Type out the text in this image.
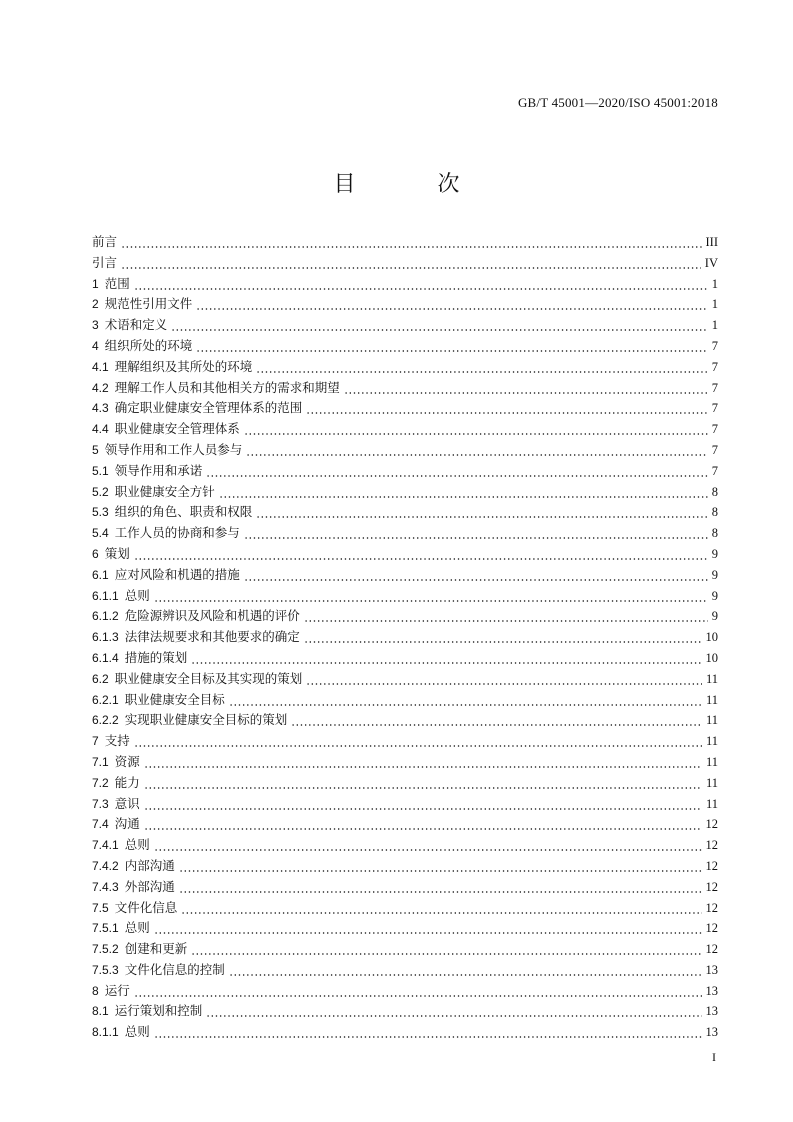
GB/T 45001—2020/ISO 45001:2018
目　次
前言	III
引言	IV
1 范围	1
2 规范性引用文件	1
3 术语和定义	1
4 组织所处的环境	7
4.1 理解组织及其所处的环境	7
4.2 理解工作人员和其他相关方的需求和期望	7
4.3 确定职业健康安全管理体系的范围	7
4.4 职业健康安全管理体系	7
5 领导作用和工作人员参与	7
5.1 领导作用和承诺	7
5.2 职业健康安全方针	8
5.3 组织的角色、职责和权限	8
5.4 工作人员的协商和参与	8
6 策划	9
6.1 应对风险和机遇的措施	9
6.1.1 总则	9
6.1.2 危险源辨识及风险和机遇的评价	9
6.1.3 法律法规要求和其他要求的确定	10
6.1.4 措施的策划	10
6.2 职业健康安全目标及其实现的策划	11
6.2.1 职业健康安全目标	11
6.2.2 实现职业健康安全目标的策划	11
7 支持	11
7.1 资源	11
7.2 能力	11
7.3 意识	11
7.4 沟通	12
7.4.1 总则	12
7.4.2 内部沟通	12
7.4.3 外部沟通	12
7.5 文件化信息	12
7.5.1 总则	12
7.5.2 创建和更新	12
7.5.3 文件化信息的控制	13
8 运行	13
8.1 运行策划和控制	13
8.1.1 总则	13
I
